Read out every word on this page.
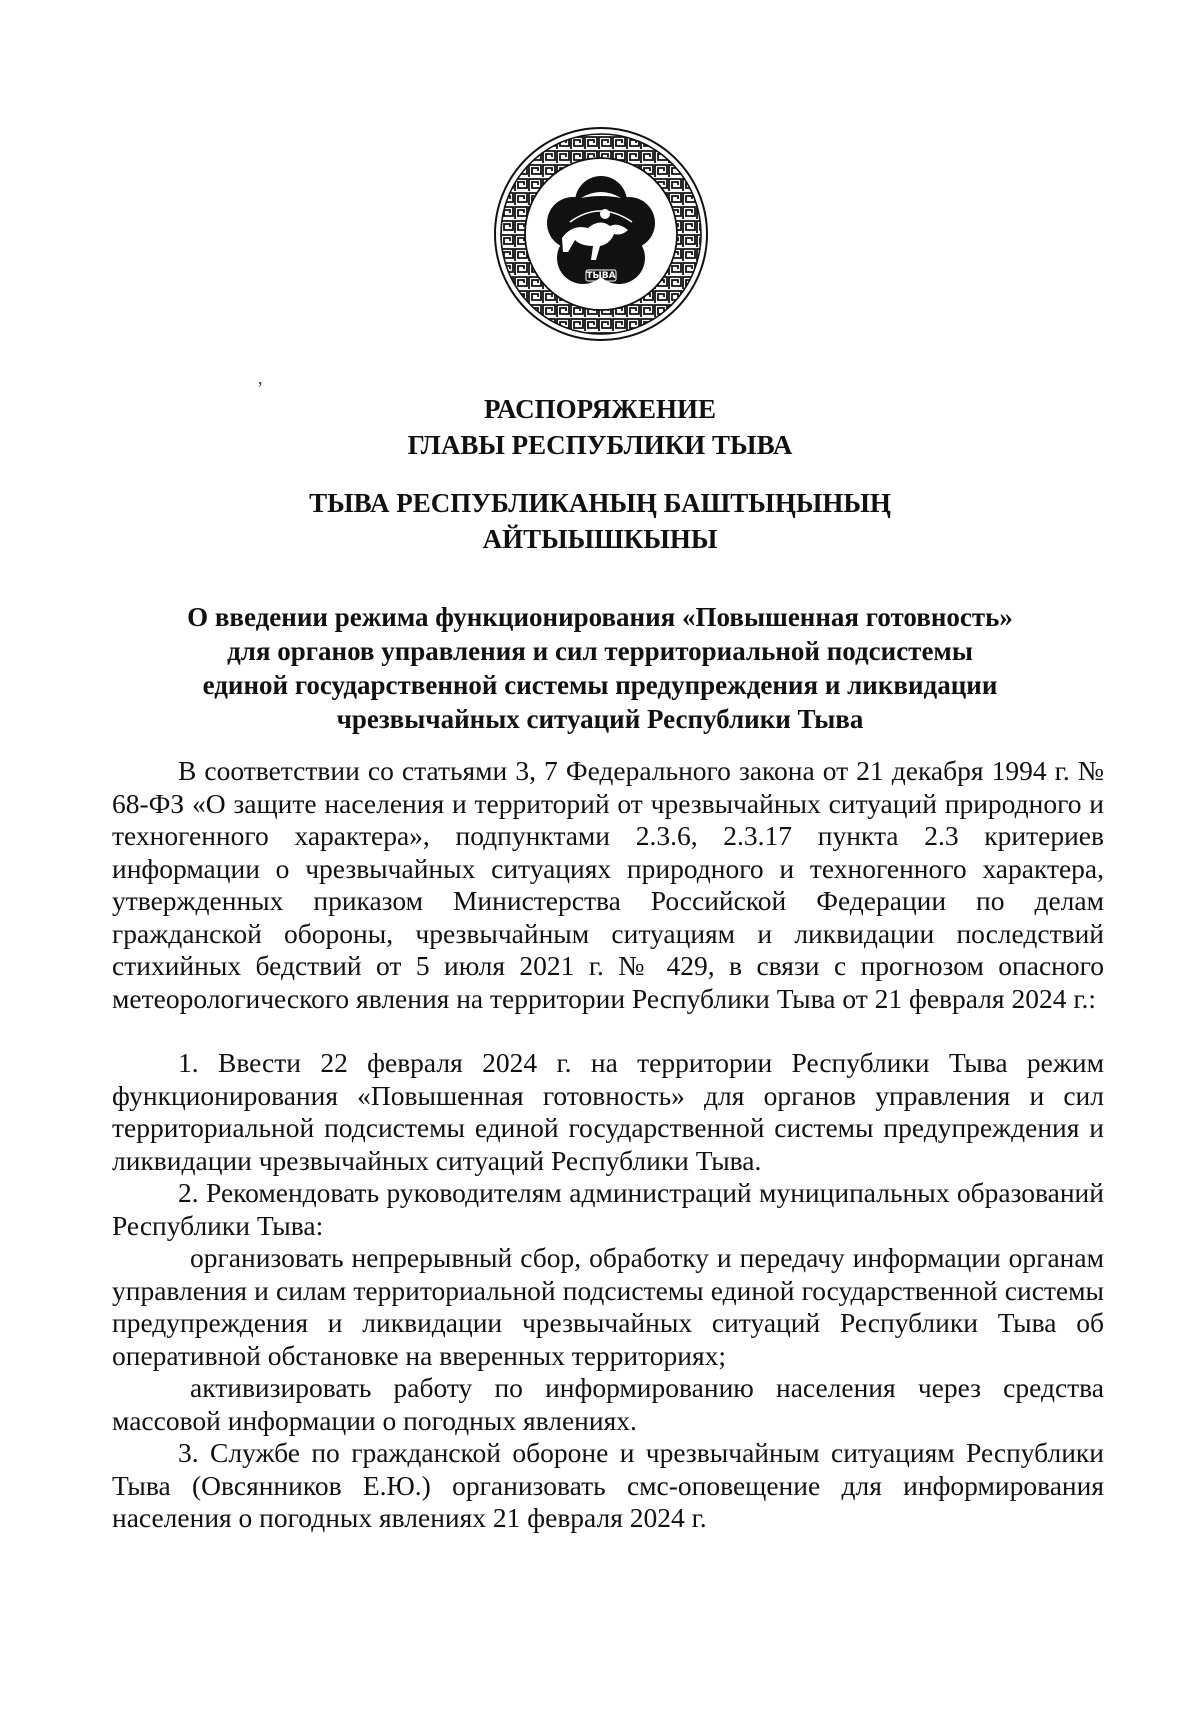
ТЫВА
,
РАСПОРЯЖЕНИЕ
ГЛАВЫ РЕСПУБЛИКИ ТЫВА
ТЫВА РЕСПУБЛИКАНЫҢ БАШТЫҢЫНЫҢ
АЙТЫЫШКЫНЫ
О введении режима функционирования «Повышенная готовность»
для органов управления и сил территориальной подсистемы
единой государственной системы предупреждения и ликвидации
чрезвычайных ситуаций Республики Тыва

В соответствии со статьями 3, 7 Федерального закона от 21 декабря 1994 г. № 68-ФЗ «О защите населения и территорий от чрезвычайных ситуаций природного и техногенного характера», подпунктами 2.3.6, 2.3.17 пункта 2.3 критериев информации о чрезвычайных ситуациях природного и техногенного характера, утвержденных приказом Министерства Российской Федерации по делам гражданской обороны, чрезвычайным ситуациям и ликвидации последствий стихийных бедствий от 5 июля 2021 г. № 429, в связи с прогнозом опасного метеорологического явления на территории Республики Тыва от 21 февраля 2024 г.:

1. Ввести 22 февраля 2024 г. на территории Республики Тыва режим функционирования «Повышенная готовность» для органов управления и сил территориальной подсистемы единой государственной системы предупреждения и ликвидации чрезвычайных ситуаций Республики Тыва.

2. Рекомендовать руководителям администраций муниципальных образований Республики Тыва:

организовать непрерывный сбор, обработку и передачу информации органам управления и силам территориальной подсистемы единой государственной системы предупреждения и ликвидации чрезвычайных ситуаций Республики Тыва об оперативной обстановке на вверенных территориях;

активизировать работу по информированию населения через средства массовой информации о погодных явлениях.

3. Службе по гражданской обороне и чрезвычайным ситуациям Республики Тыва (Овсянников Е.Ю.) организовать смс-оповещение для информирования населения о погодных явлениях 21 февраля 2024 г.
